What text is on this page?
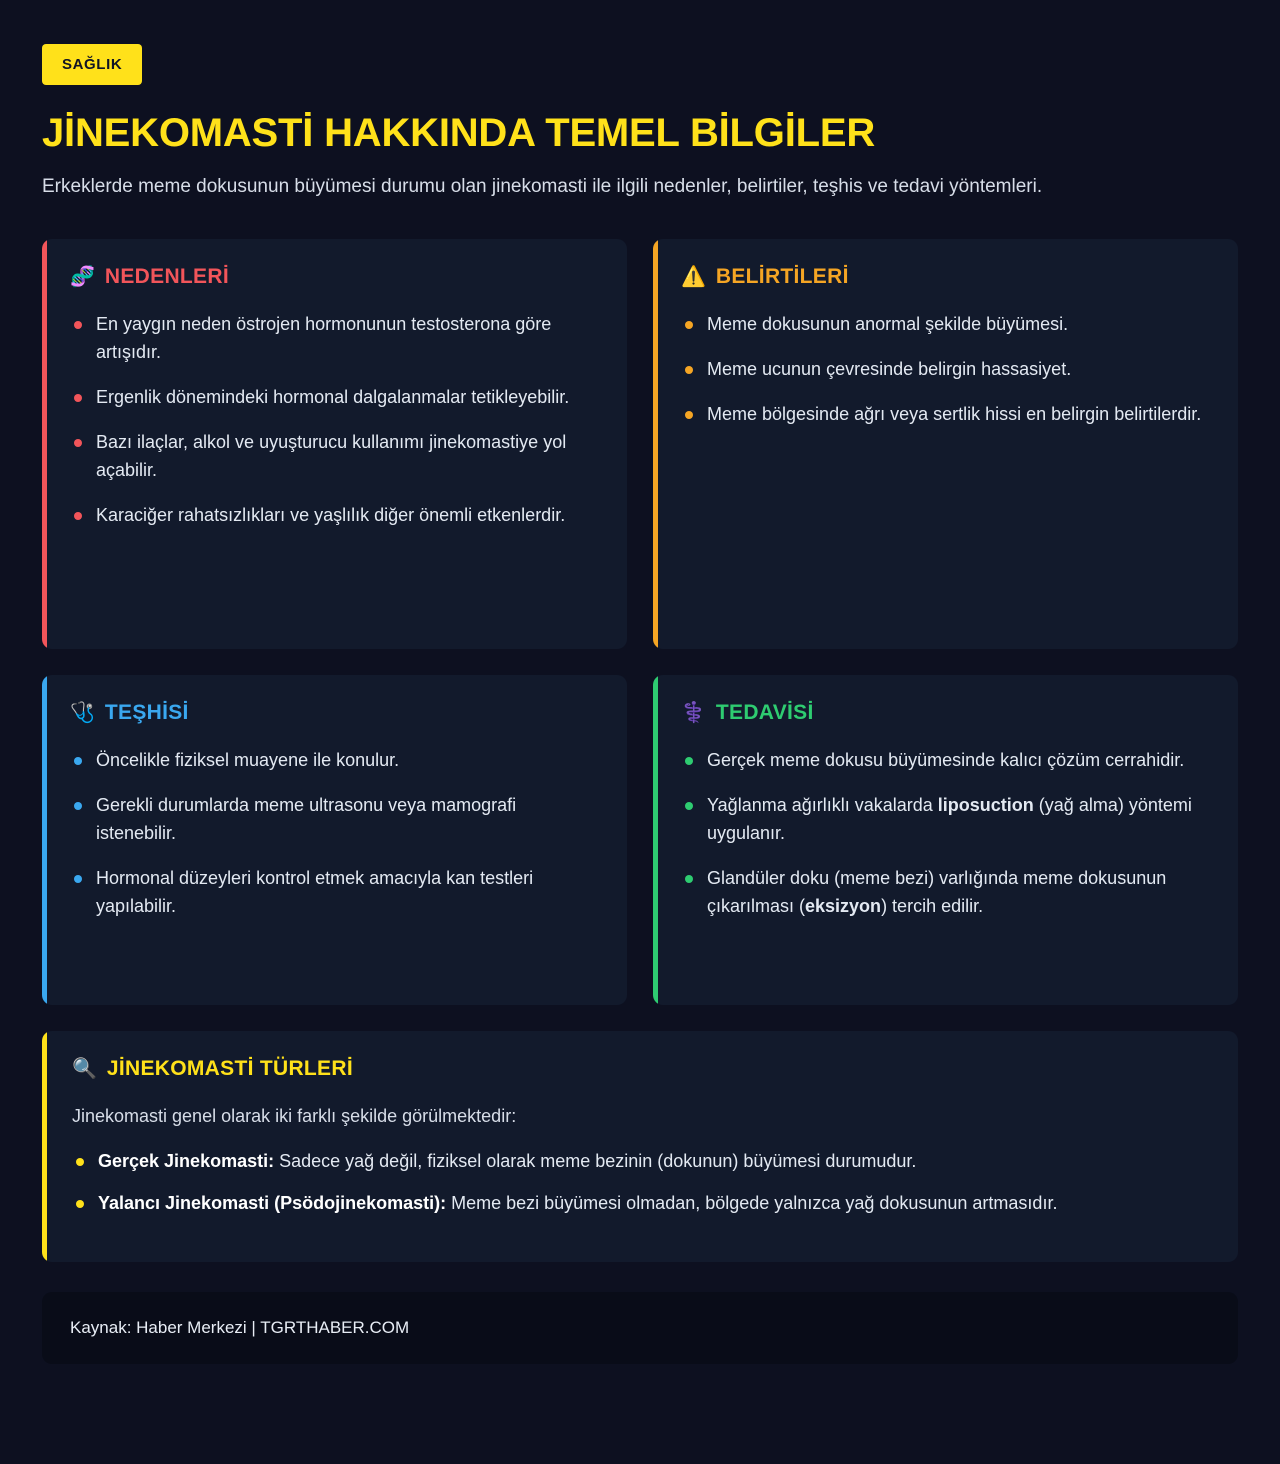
SAĞLIK
JİNEKOMASTİ HAKKINDA TEMEL BİLGİLER

Erkeklerde meme dokusunun büyümesi durumu olan jinekomasti ile ilgili nedenler, belirtiler, teşhis ve tedavi yöntemleri.

🧬 NEDENLERİ
En yaygın neden östrojen hormonunun testosterona göre artışıdır.
Ergenlik dönemindeki hormonal dalgalanmalar tetikleyebilir.
Bazı ilaçlar, alkol ve uyuşturucu kullanımı jinekomastiye yol açabilir.
Karaciğer rahatsızlıkları ve yaşlılık diğer önemli etkenlerdir.
⚠️ BELİRTİLERİ
Meme dokusunun anormal şekilde büyümesi.
Meme ucunun çevresinde belirgin hassasiyet.
Meme bölgesinde ağrı veya sertlik hissi en belirgin belirtilerdir.
🩺 TEŞHİSİ
Öncelikle fiziksel muayene ile konulur.
Gerekli durumlarda meme ultrasonu veya mamografi istenebilir.
Hormonal düzeyleri kontrol etmek amacıyla kan testleri yapılabilir.
⚕️ TEDAVİSİ
Gerçek meme dokusu büyümesinde kalıcı çözüm cerrahidir.
Yağlanma ağırlıklı vakalarda liposuction (yağ alma) yöntemi uygulanır.
Glandüler doku (meme bezi) varlığında meme dokusunun çıkarılması (eksizyon) tercih edilir.
🔍 JİNEKOMASTİ TÜRLERİ

Jinekomasti genel olarak iki farklı şekilde görülmektedir:

Gerçek Jinekomasti: Sadece yağ değil, fiziksel olarak meme bezinin (dokunun) büyümesi durumudur.
Yalancı Jinekomasti (Psödojinekomasti): Meme bezi büyümesi olmadan, bölgede yalnızca yağ dokusunun artmasıdır.
Kaynak: Haber Merkezi | TGRTHABER.COM
